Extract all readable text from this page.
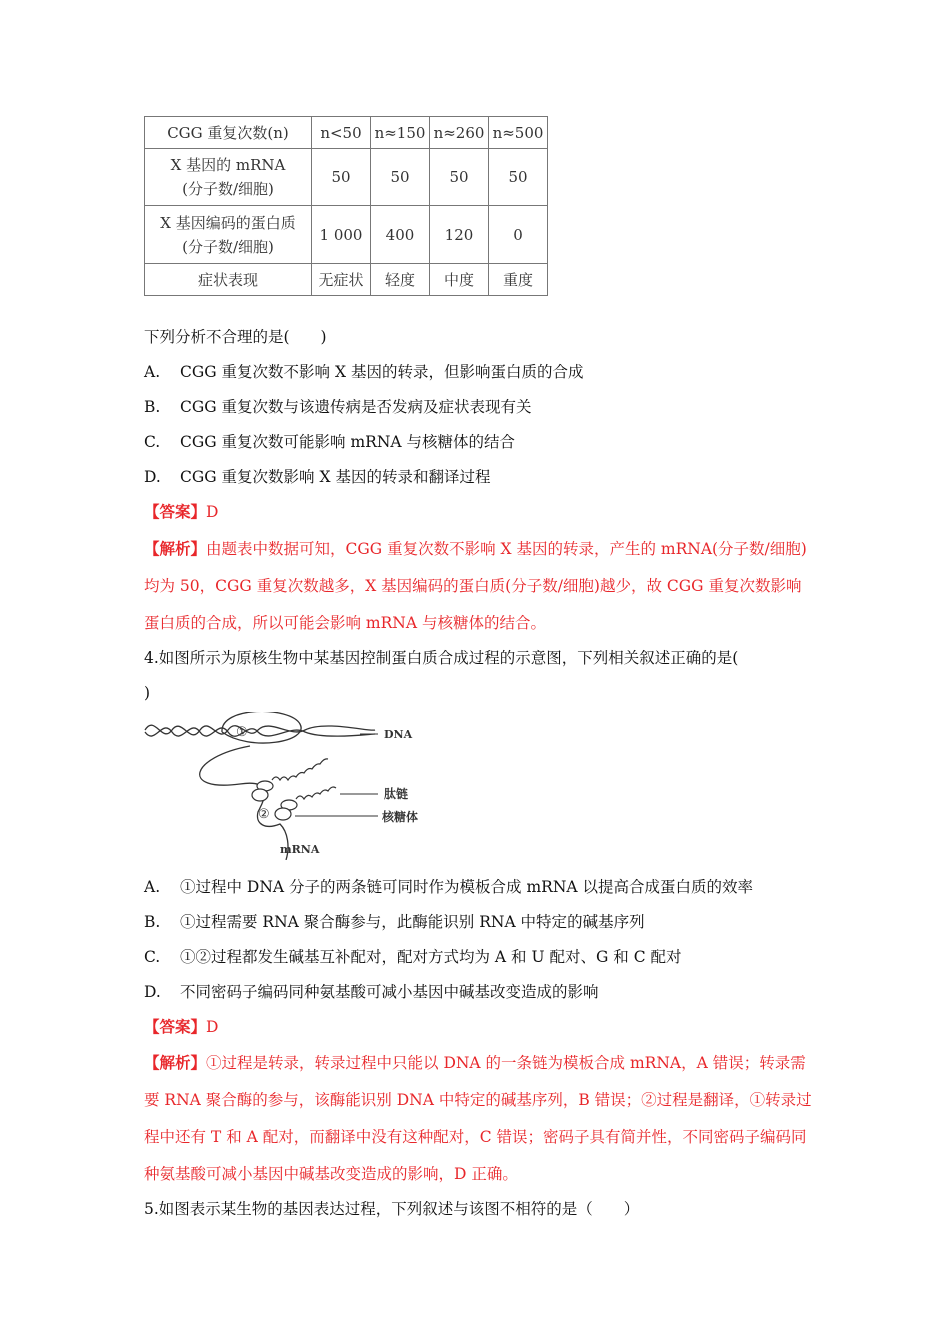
CGG 重复次数(n)	n<50	n≈150	n≈260	n≈500

X 基因的 mRNA
(分子数/细胞)	50	50	50	50

X 基因编码的蛋白质
(分子数/细胞)	1 000	400	120	0
症状表现	无症状	轻度	中度	重度
下列分析不合理的是(　　)
A. CGG 重复次数不影响 X 基因的转录，但影响蛋白质的合成
B. CGG 重复次数与该遗传病是否发病及症状表现有关
C. CGG 重复次数可能影响 mRNA 与核糖体的结合
D. CGG 重复次数影响 X 基因的转录和翻译过程
【答案】D
【解析】由题表中数据可知，CGG 重复次数不影响 X 基因的转录，产生的 mRNA(分子数/细胞)均为 50，CGG 重复次数越多，X 基因编码的蛋白质(分子数/细胞)越少，故 CGG 重复次数影响蛋白质的合成，所以可能会影响 mRNA 与核糖体的结合。
4.如图所示为原核生物中某基因控制蛋白质合成过程的示意图，下列相关叙述正确的是(
)
①
②
DNA
肽链
核糖体
mRNA
A. ①过程中 DNA 分子的两条链可同时作为模板合成 mRNA 以提高合成蛋白质的效率
B. ①过程需要 RNA 聚合酶参与，此酶能识别 RNA 中特定的碱基序列
C. ①②过程都发生碱基互补配对，配对方式均为 A 和 U 配对、G 和 C 配对
D. 不同密码子编码同种氨基酸可减小基因中碱基改变造成的影响
【答案】D
【解析】①过程是转录，转录过程中只能以 DNA 的一条链为模板合成 mRNA，A 错误；转录需要 RNA 聚合酶的参与，该酶能识别 DNA 中特定的碱基序列，B 错误；②过程是翻译，①转录过程中还有 T 和 A 配对，而翻译中没有这种配对，C 错误；密码子具有简并性，不同密码子编码同种氨基酸可减小基因中碱基改变造成的影响，D 正确。
5.如图表示某生物的基因表达过程，下列叙述与该图不相符的是（　　）
